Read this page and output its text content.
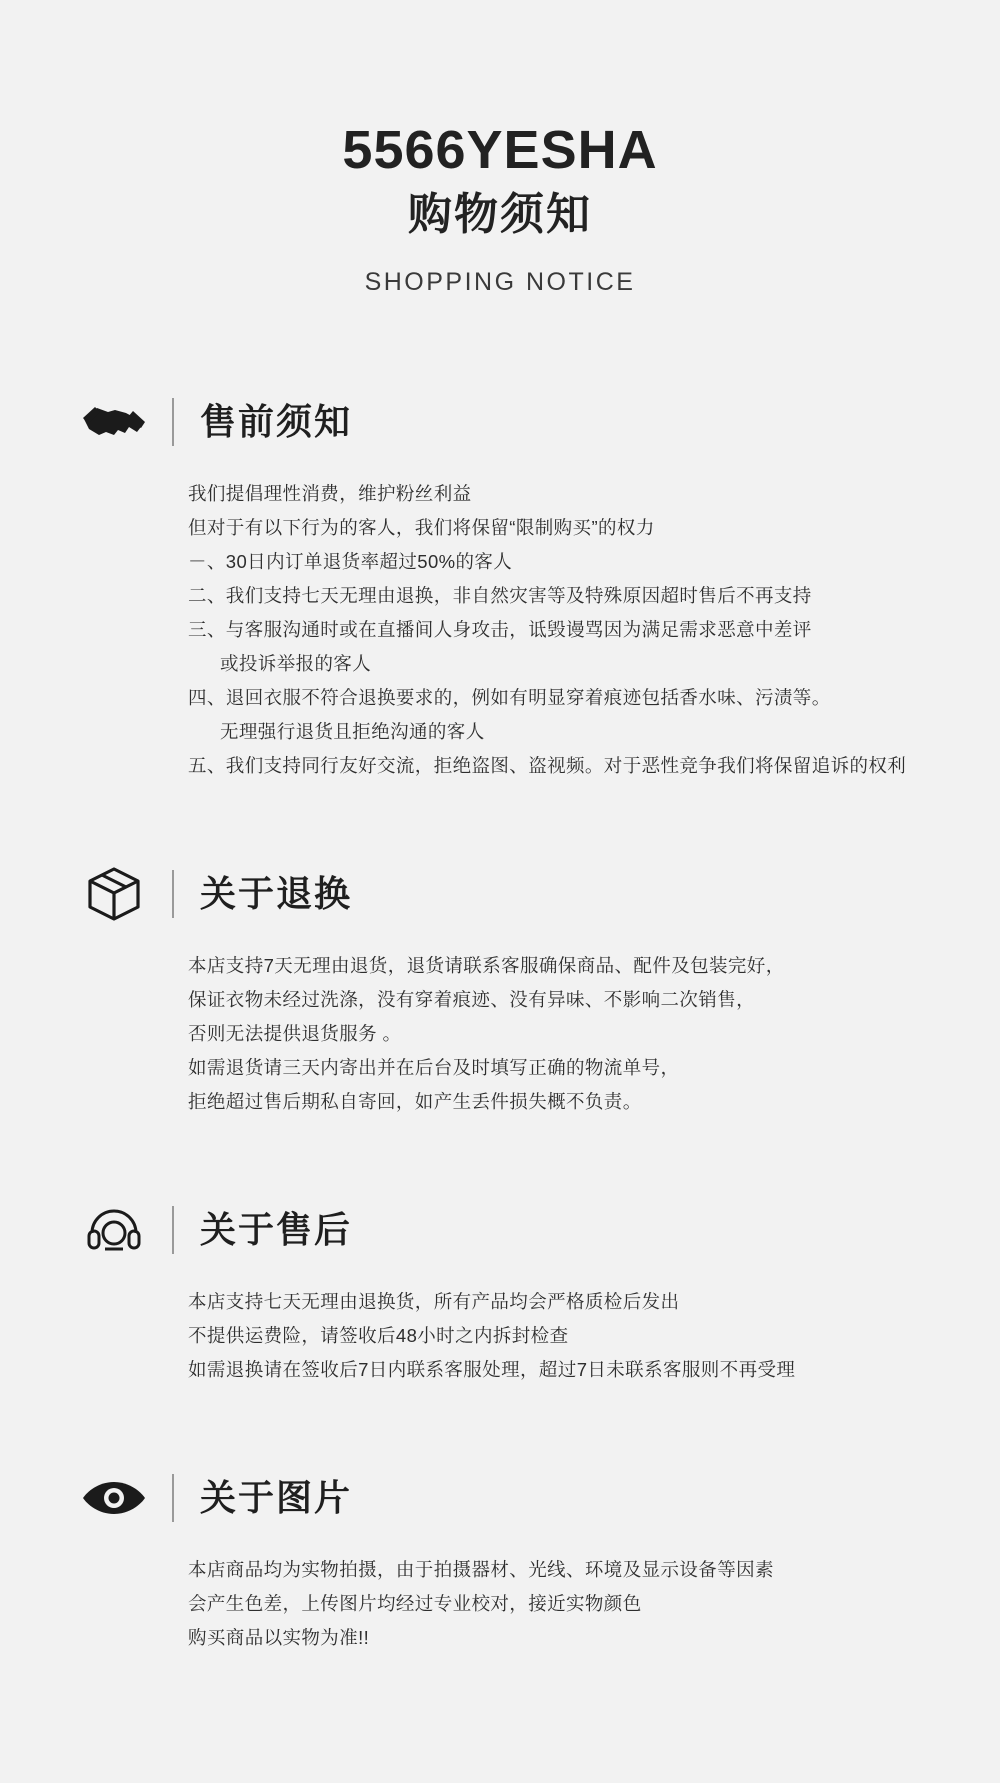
5566YESHA
购物须知
SHOPPING NOTICE
售前须知

我们提倡理性消费，维护粉丝利益

但对于有以下行为的客人，我们将保留“限制购买”的权力

－、30日内订单退货率超过50%的客人

二、我们支持七天无理由退换，非自然灾害等及特殊原因超时售后不再支持

三、与客服沟通时或在直播间人身攻击，诋毁谩骂因为满足需求恶意中差评

或投诉举报的客人

四、退回衣服不符合退换要求的，例如有明显穿着痕迹包括香水味、污渍等。

无理强行退货且拒绝沟通的客人

五、我们支持同行友好交流，拒绝盗图、盗视频。对于恶性竞争我们将保留追诉的权利

关于退换

本店支持7天无理由退货，退货请联系客服确保商品、配件及包装完好，

保证衣物未经过洗涤，没有穿着痕迹、没有异味、不影响二次销售，

否则无法提供退货服务 。

如需退货请三天内寄出并在后台及时填写正确的物流单号，

拒绝超过售后期私自寄回，如产生丢件损失概不负责。

关于售后

本店支持七天无理由退换货，所有产品均会严格质检后发出

不提供运费险，请签收后48小时之内拆封检查

如需退换请在签收后7日内联系客服处理，超过7日未联系客服则不再受理

关于图片

本店商品均为实物拍摄，由于拍摄器材、光线、环境及显示设备等因素

会产生色差，上传图片均经过专业校对，接近实物颜色

购买商品以实物为准!!
